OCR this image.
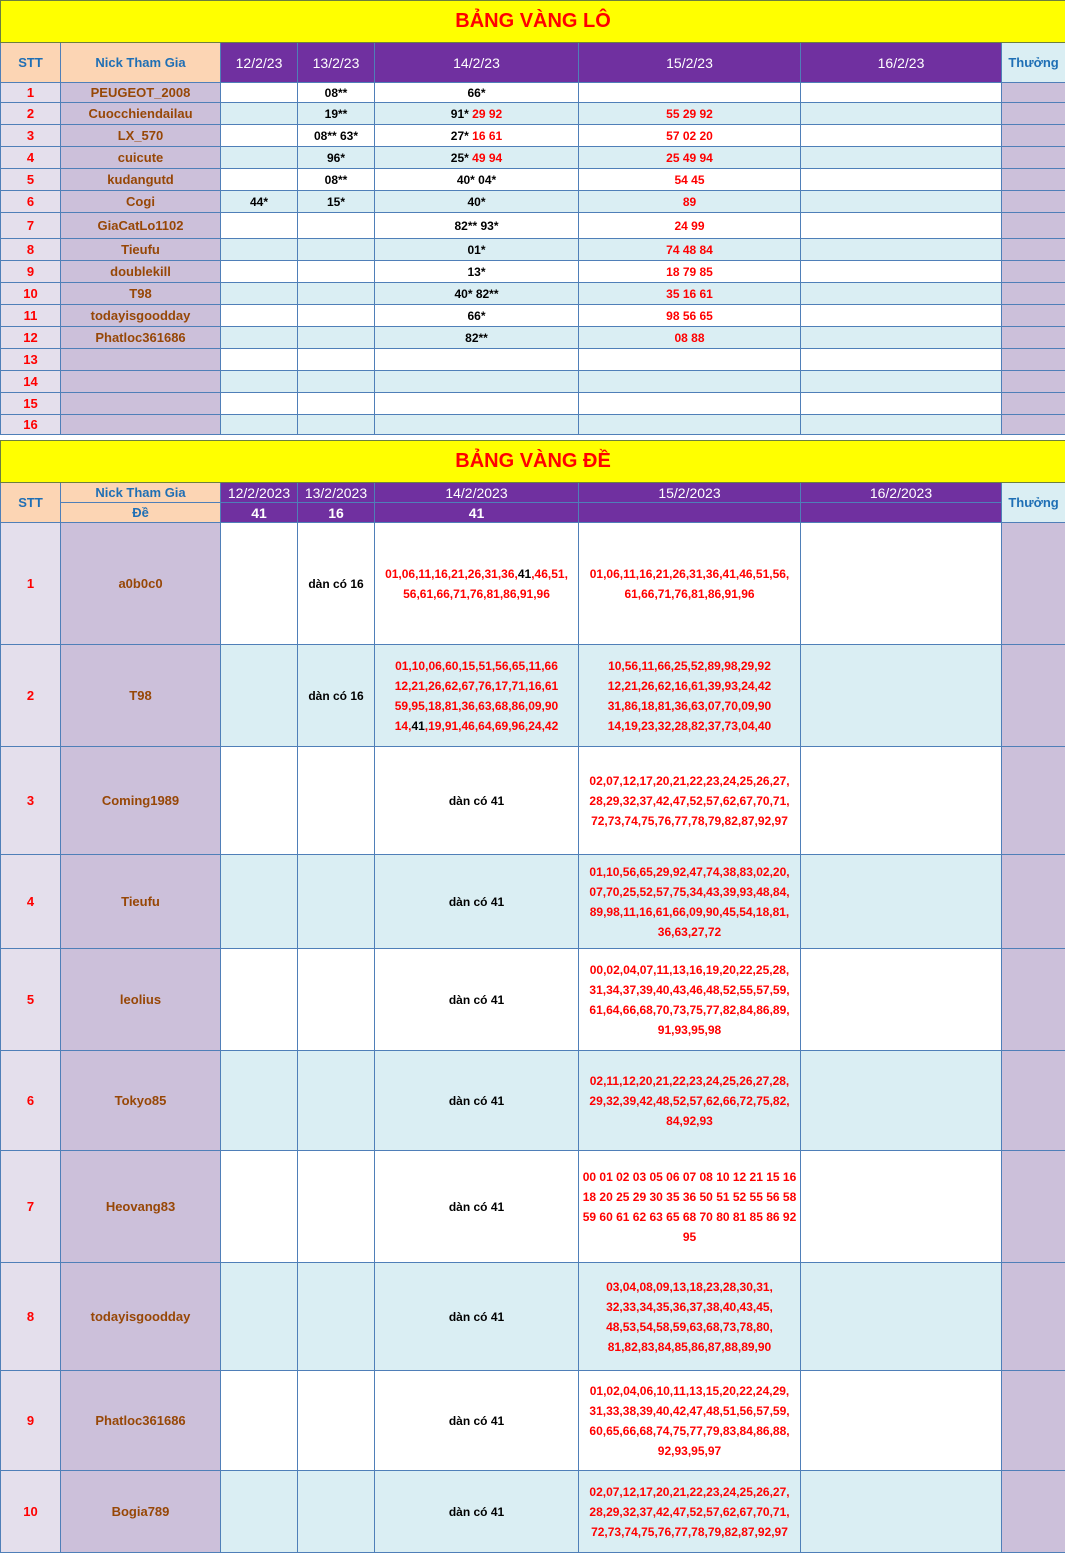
BẢNG VÀNG LÔ							
STT	Nick Tham Gia	12/2/23	13/2/23	14/2/23	15/2/23	16/2/23	Thưởng
1	PEUGEOT_2008		08**	66*			
2	Cuocchiendailau		19**	91* 29 92	55 29 92		
3	LX_570		08** 63*	27* 16 61	57 02 20		
4	cuicute		96*	25* 49 94	25 49 94		
5	kudangutd		08**	40* 04*	54 45		
6	Cogi	44*	15*	40*	89		
7	GiaCatLo1102			82** 93*	24 99		
8	Tieufu			01*	74 48 84		
9	doublekill			13*	18 79 85		
10	T98			40* 82**	35 16 61		
11	todayisgoodday			66*	98 56 65		
12	Phatloc361686			82**	08 88		
13							
14							
15							
16							
BẢNG VÀNG ĐỀ							
STT	Nick Tham Gia	12/2/2023	13/2/2023	14/2/2023	15/2/2023	16/2/2023	Thưởng
	Đề	41	16	41			
1	a0b0c0		dàn có 16	01,06,11,16,21,26,31,36,41,46,51, 56,61,66,71,76,81,86,91,96	01,06,11,16,21,26,31,36,41,46,51,56, 61,66,71,76,81,86,91,96		
2	T98		dàn có 16	01,10,06,60,15,51,56,65,11,66 12,21,26,62,67,76,17,71,16,61 59,95,18,81,36,63,68,86,09,90 14,41,19,91,46,64,69,96,24,42	10,56,11,66,25,52,89,98,29,92 12,21,26,62,16,61,39,93,24,42 31,86,18,81,36,63,07,70,09,90 14,19,23,32,28,82,37,73,04,40		
3	Coming1989			dàn có 41	02,07,12,17,20,21,22,23,24,25,26,27, 28,29,32,37,42,47,52,57,62,67,70,71, 72,73,74,75,76,77,78,79,82,87,92,97		
4	Tieufu			dàn có 41	01,10,56,65,29,92,47,74,38,83,02,20, 07,70,25,52,57,75,34,43,39,93,48,84, 89,98,11,16,61,66,09,90,45,54,18,81, 36,63,27,72		
5	leolius			dàn có 41	00,02,04,07,11,13,16,19,20,22,25,28, 31,34,37,39,40,43,46,48,52,55,57,59, 61,64,66,68,70,73,75,77,82,84,86,89, 91,93,95,98		
6	Tokyo85			dàn có 41	02,11,12,20,21,22,23,24,25,26,27,28, 29,32,39,42,48,52,57,62,66,72,75,82, 84,92,93		
7	Heovang83			dàn có 41	00 01 02 03 05 06 07 08 10 12 21 15 16 18 20 25 29 30 35 36 50 51 52 55 56 58 59 60 61 62 63 65 68 70 80 81 85 86 92 95		
8	todayisgoodday			dàn có 41	03,04,08,09,13,18,23,28,30,31, 32,33,34,35,36,37,38,40,43,45, 48,53,54,58,59,63,68,73,78,80, 81,82,83,84,85,86,87,88,89,90		
9	Phatloc361686			dàn có 41	01,02,04,06,10,11,13,15,20,22,24,29, 31,33,38,39,40,42,47,48,51,56,57,59, 60,65,66,68,74,75,77,79,83,84,86,88, 92,93,95,97		
10	Bogia789			dàn có 41	02,07,12,17,20,21,22,23,24,25,26,27, 28,29,32,37,42,47,52,57,62,67,70,71, 72,73,74,75,76,77,78,79,82,87,92,97		
